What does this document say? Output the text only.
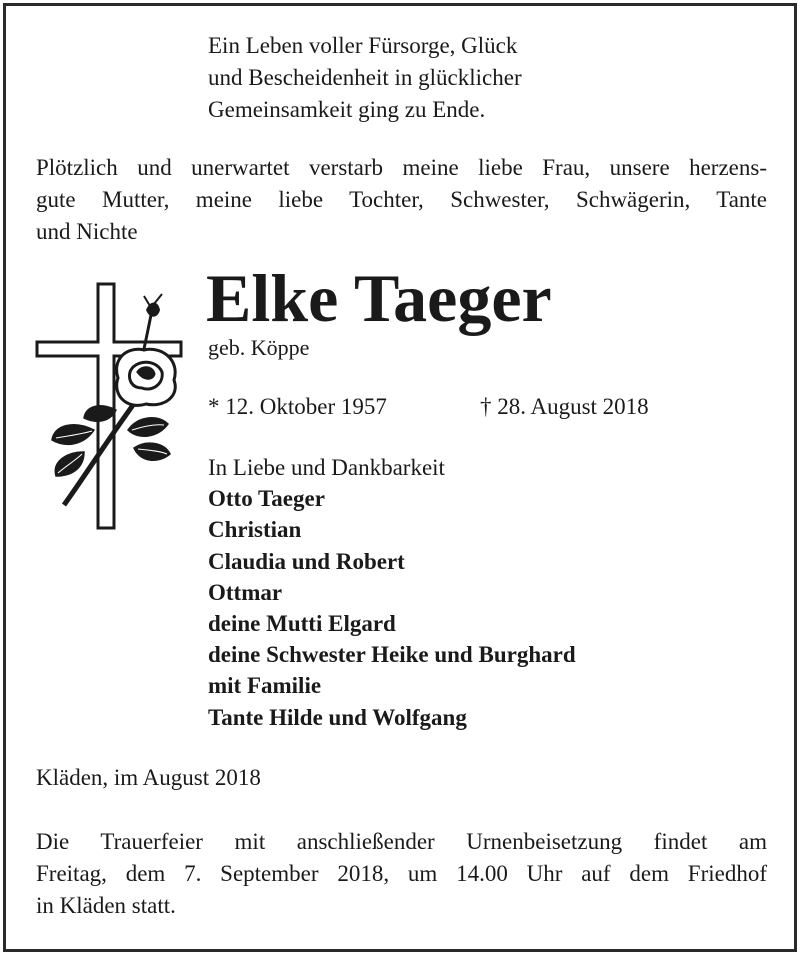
Ein Leben voller Fürsorge, Glück
und Bescheidenheit in glücklicher
Gemeinsamkeit ging zu Ende.
Plötzlich und unerwartet verstarb meine liebe Frau, unsere herzens-
gute Mutter, meine liebe Tochter, Schwester, Schwägerin, Tante
und Nichte
Elke Taeger
geb. Köppe
* 12. Oktober 1957	† 28. August 2018
In Liebe und Dankbarkeit
Otto Taeger
Christian
Claudia und Robert
Ottmar
deine Mutti Elgard
deine Schwester Heike und Burghard
mit Familie
Tante Hilde und Wolfgang
Kläden, im August 2018
Die Trauerfeier mit anschließender Urnenbeisetzung findet am
Freitag, dem 7. September 2018, um 14.00 Uhr auf dem Friedhof
in Kläden statt.
